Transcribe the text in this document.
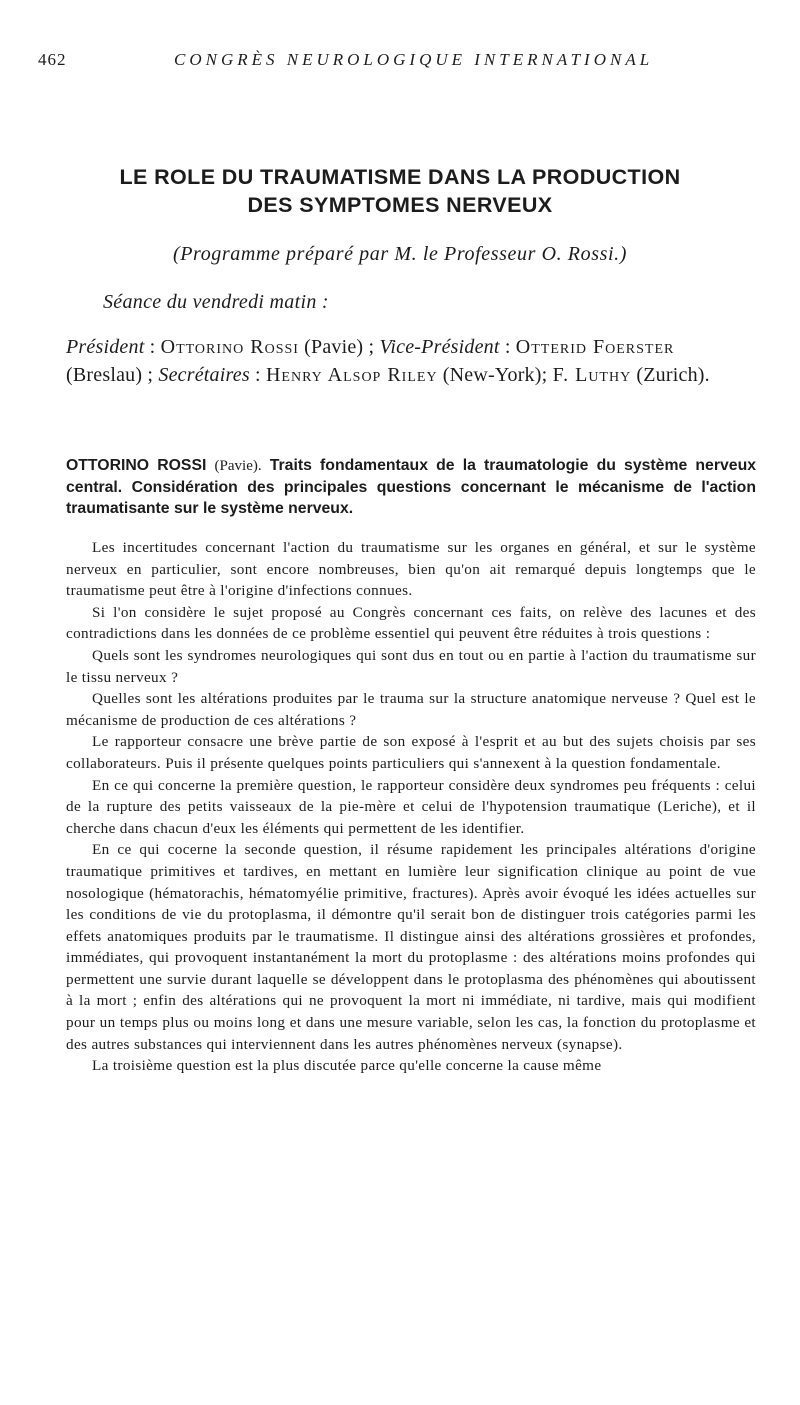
462	CONGRÈS NEUROLOGIQUE INTERNATIONAL
LE ROLE DU TRAUMATISME DANS LA PRODUCTION
DES SYMPTOMES NERVEUX
(Programme préparé par M. le Professeur O. Rossi.)
Séance du vendredi matin :
Président : Ottorino Rossi (Pavie) ; Vice-Président : Otterid Foerster (Breslau) ; Secrétaires : Henry Alsop Riley (New-York); F. Luthy (Zurich).
OTTORINO ROSSI (Pavie). Traits fondamentaux de la traumatologie du système nerveux central. Considération des principales questions concernant le mécanisme de l'action traumatisante sur le système nerveux.

Les incertitudes concernant l'action du traumatisme sur les organes en général, et sur le système nerveux en particulier, sont encore nombreuses, bien qu'on ait remarqué depuis longtemps que le traumatisme peut être à l'origine d'infections connues.

Si l'on considère le sujet proposé au Congrès concernant ces faits, on relève des lacunes et des contradictions dans les données de ce problème essentiel qui peuvent être réduites à trois questions :

Quels sont les syndromes neurologiques qui sont dus en tout ou en partie à l'action du traumatisme sur le tissu nerveux ?

Quelles sont les altérations produites par le trauma sur la structure anatomique nerveuse ? Quel est le mécanisme de production de ces altérations ?

Le rapporteur consacre une brève partie de son exposé à l'esprit et au but des sujets choisis par ses collaborateurs. Puis il présente quelques points particuliers qui s'annexent à la question fondamentale.

En ce qui concerne la première question, le rapporteur considère deux syndromes peu fréquents : celui de la rupture des petits vaisseaux de la pie-mère et celui de l'hypotension traumatique (Leriche), et il cherche dans chacun d'eux les éléments qui permettent de les identifier.

En ce qui cocerne la seconde question, il résume rapidement les principales altérations d'origine traumatique primitives et tardives, en mettant en lumière leur signification clinique au point de vue nosologique (hématorachis, hématomyélie primitive, fractures). Après avoir évoqué les idées actuelles sur les conditions de vie du protoplasma, il démontre qu'il serait bon de distinguer trois catégories parmi les effets anatomiques produits par le traumatisme. Il distingue ainsi des altérations grossières et profondes, immédiates, qui provoquent instantanément la mort du protoplasme : des altérations moins profondes qui permettent une survie durant laquelle se développent dans le protoplasma des phénomènes qui aboutissent à la mort ; enfin des altérations qui ne provoquent la mort ni immédiate, ni tardive, mais qui modifient pour un temps plus ou moins long et dans une mesure variable, selon les cas, la fonction du protoplasme et des autres substances qui interviennent dans les autres phénomènes nerveux (synapse).

La troisième question est la plus discutée parce qu'elle concerne la cause même
